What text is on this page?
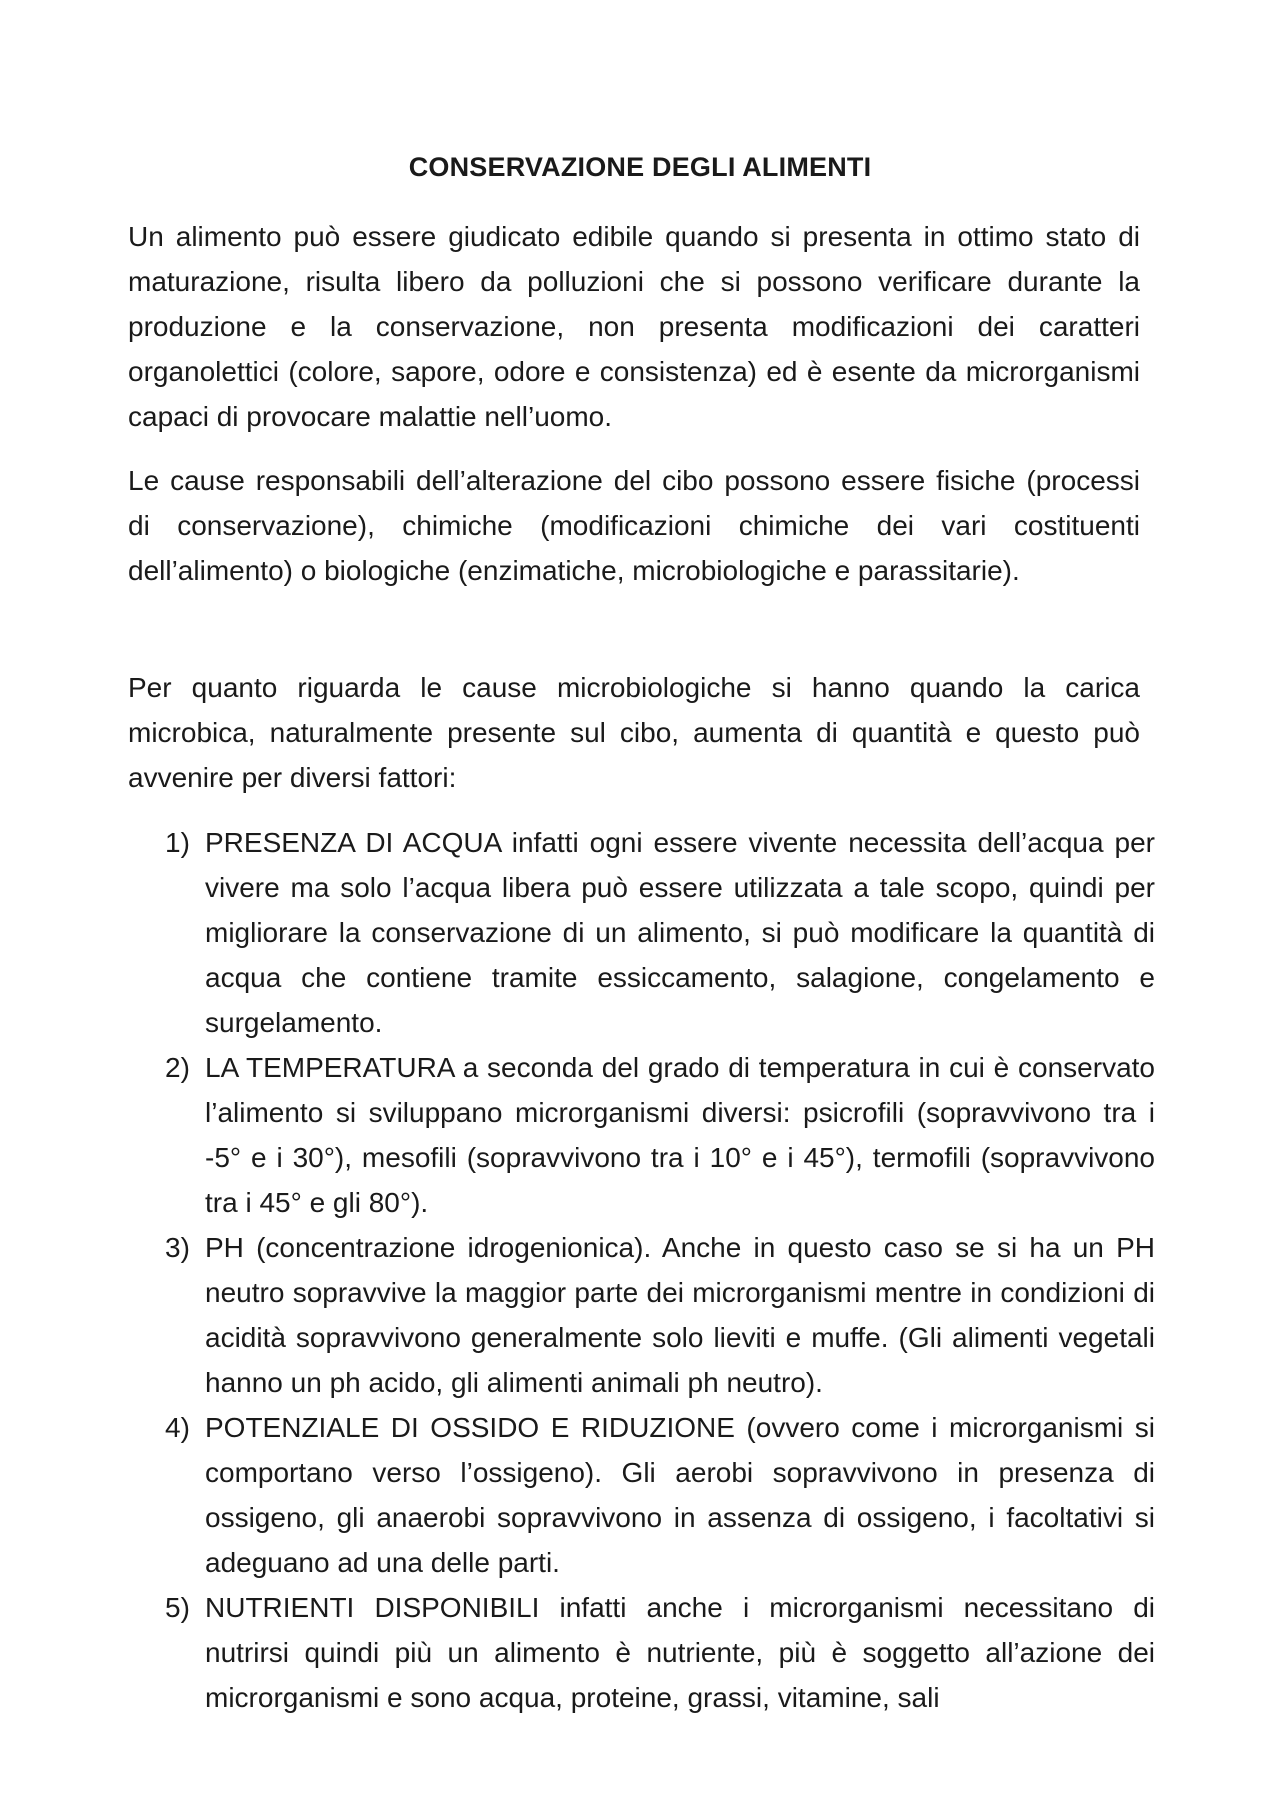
CONSERVAZIONE DEGLI ALIMENTI

Un alimento può essere giudicato edibile quando si presenta in ottimo stato di maturazione, risulta libero da polluzioni che si possono verificare durante la produzione e la conservazione, non presenta modificazioni dei caratteri organolettici (colore, sapore, odore e consistenza) ed è esente da microrganismi capaci di provocare malattie nell’uomo.

Le cause responsabili dell’alterazione del cibo possono essere fisiche (processi di conservazione), chimiche (modificazioni chimiche dei vari costituenti dell’alimento) o biologiche (enzimatiche, microbiologiche e parassitarie).

Per quanto riguarda le cause microbiologiche si hanno quando la carica microbica, naturalmente presente sul cibo, aumenta di quantità e questo può avvenire per diversi fattori:

1) PRESENZA DI ACQUA infatti ogni essere vivente necessita dell’acqua per vivere ma solo l’acqua libera può essere utilizzata a tale scopo, quindi per migliorare la conservazione di un alimento, si può modificare la quantità di acqua che contiene tramite essiccamento, salagione, congelamento e surgelamento.
2) LA TEMPERATURA a seconda del grado di temperatura in cui è conservato l’alimento si sviluppano microrganismi diversi: psicrofili (sopravvivono tra i -5° e i 30°), mesofili (sopravvivono tra i 10° e i 45°), termofili (sopravvivono tra i 45° e gli 80°).
3) PH (concentrazione idrogenionica). Anche in questo caso se si ha un PH neutro sopravvive la maggior parte dei microrganismi mentre in condizioni di acidità sopravvivono generalmente solo lieviti e muffe. (Gli alimenti vegetali hanno un ph acido, gli alimenti animali ph neutro).
4) POTENZIALE DI OSSIDO E RIDUZIONE (ovvero come i microrganismi si comportano verso l’ossigeno). Gli aerobi sopravvivono in presenza di ossigeno, gli anaerobi sopravvivono in assenza di ossigeno, i facoltativi si adeguano ad una delle parti.
5) NUTRIENTI DISPONIBILI infatti anche i microrganismi necessitano di nutrirsi quindi più un alimento è nutriente, più è soggetto all’azione dei microrganismi e sono acqua, proteine, grassi, vitamine, sali
